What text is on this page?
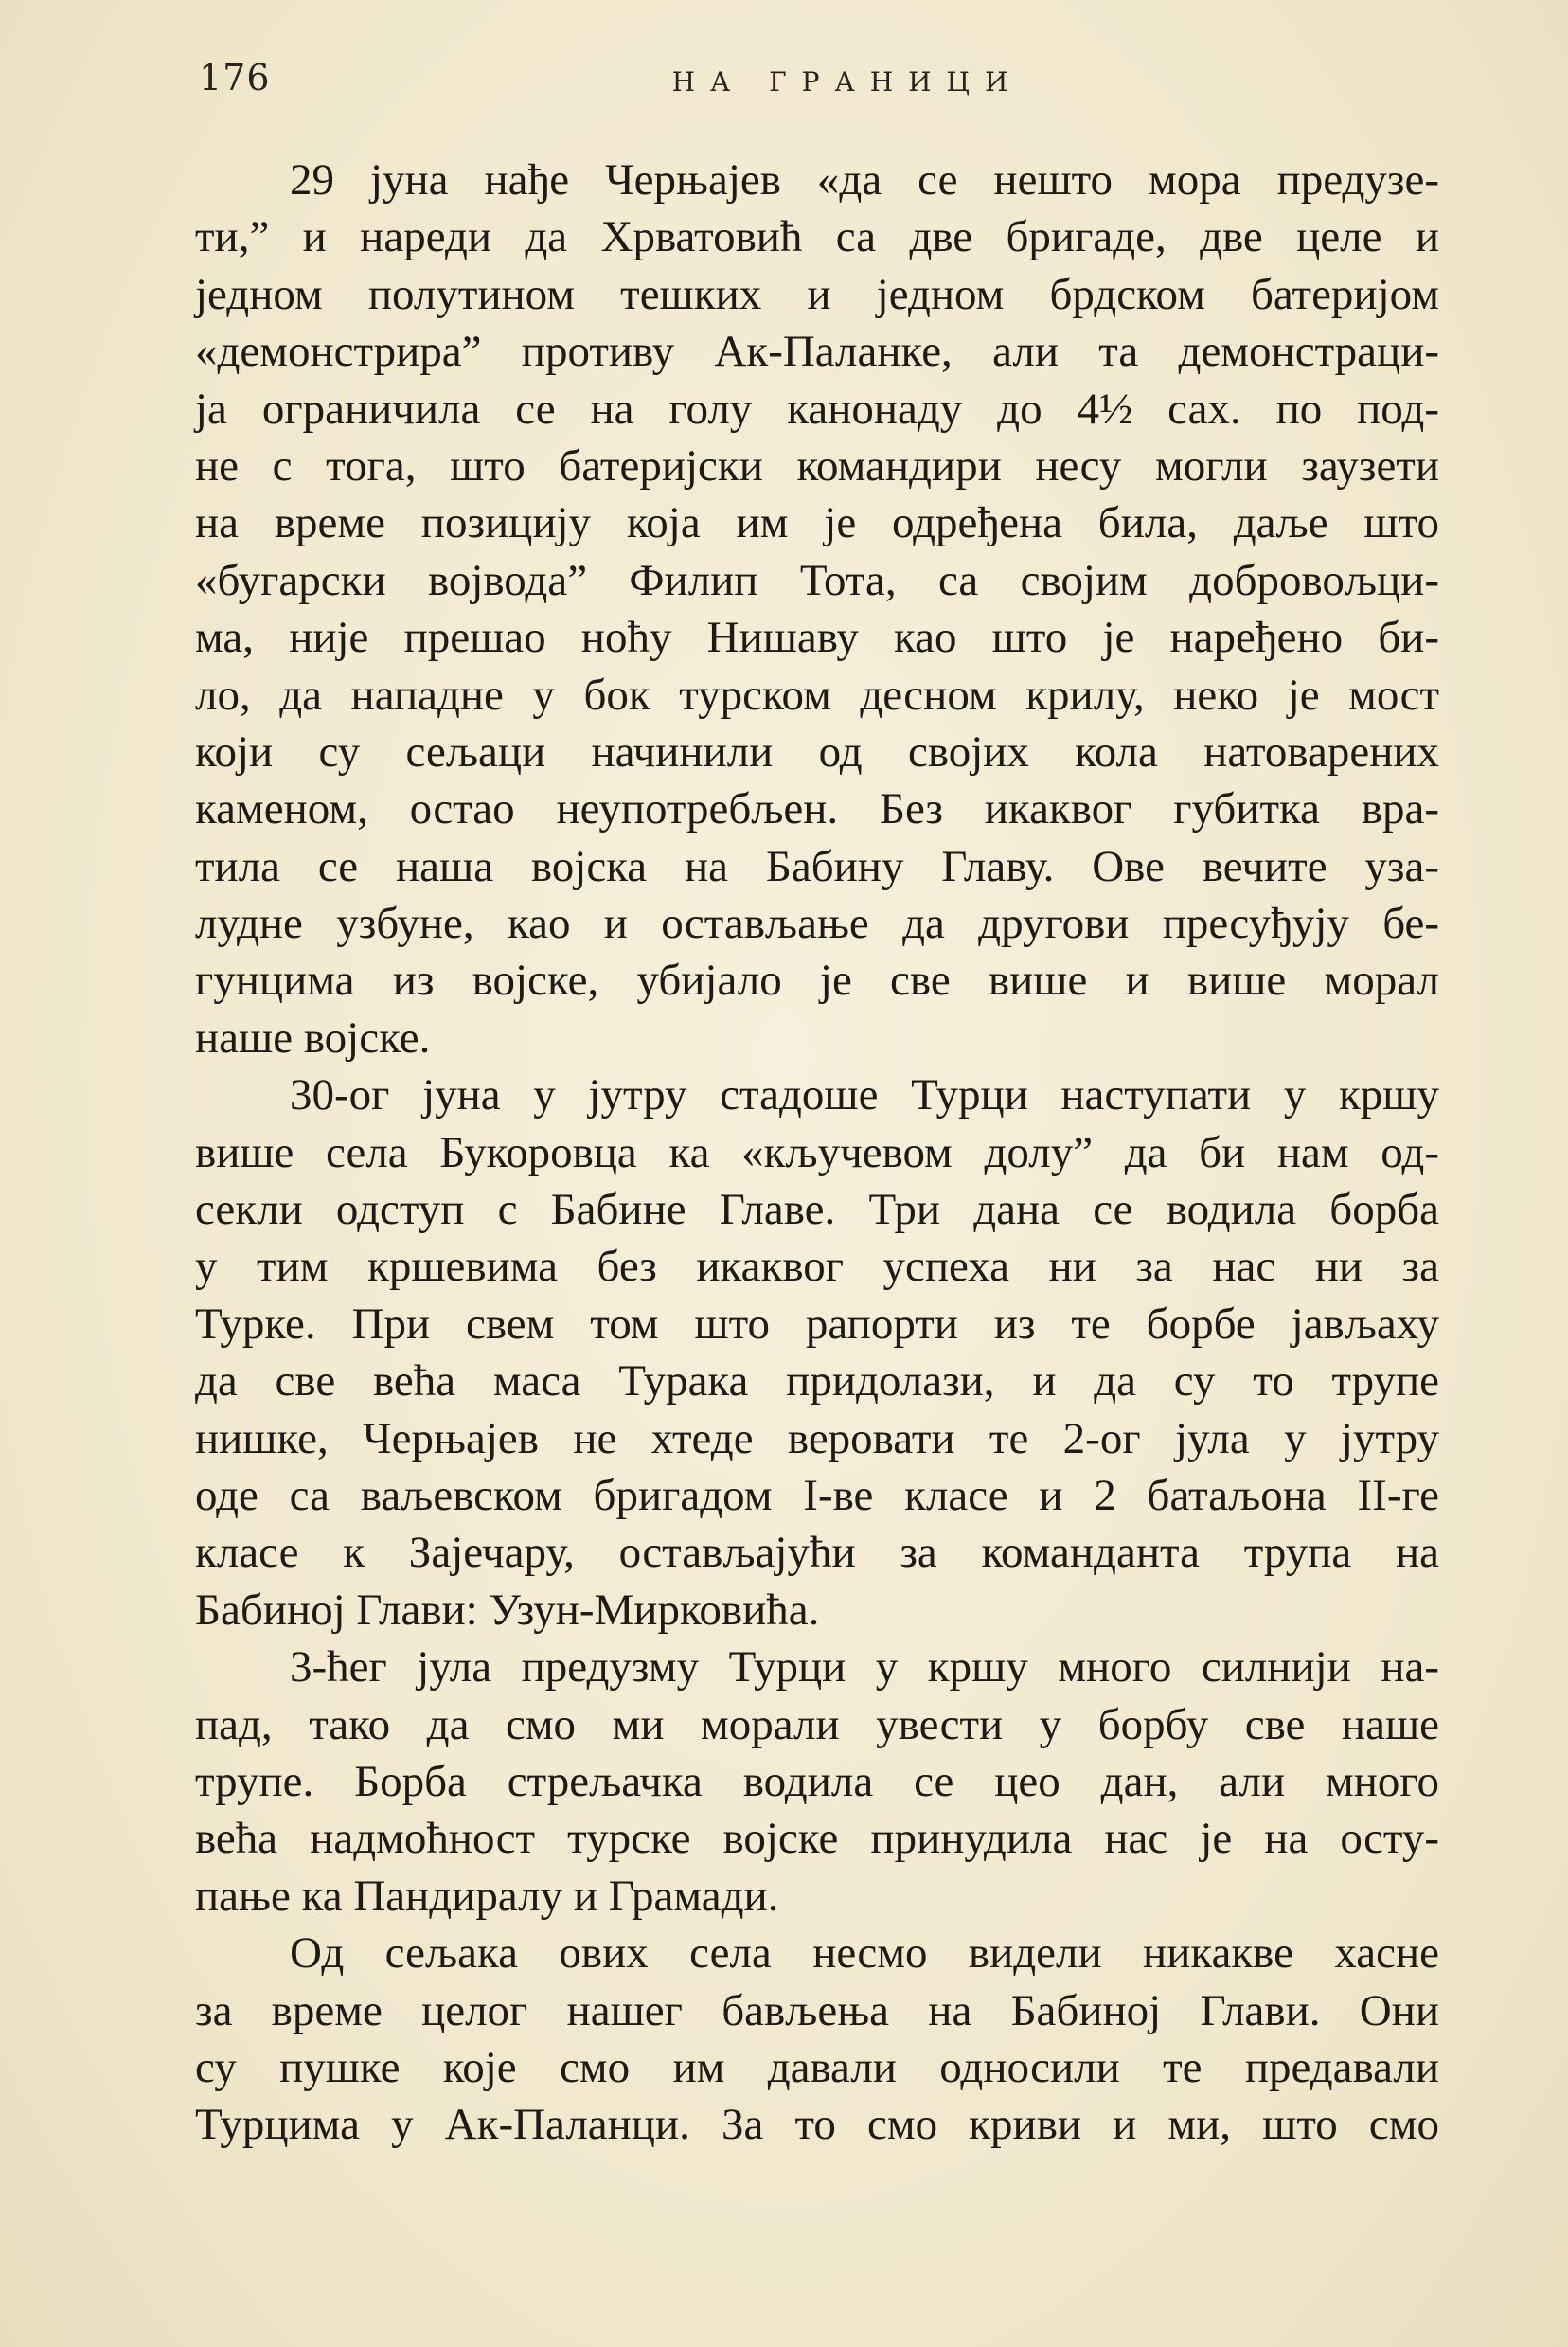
176	НА ГРАНИЦИ
29 јуна нађе Черњајев «да се нешто мора предузе-
ти,” и нареди да Хрватовић са две бригаде, две целе и
једном полутином тешких и једном брдском батеријом
«демонстрира” противу Ак-Паланке, али та демонстраци-
ја ограничила се на голу канонаду до 4½ сах. по под-
не с тога, што батеријски командири несу могли заузети
на време позицију која им је одређена била, даље што
«бугарски војвода” Филип Тота, са својим добровољци-
ма, није прешао ноћу Нишаву као што је наређено би-
ло, да нападне у бок турском десном крилу, неко је мост
који су сељаци начинили од својих кола натоварених
каменом, остао неупотребљен. Без икаквог губитка вра-
тила се наша војска на Бабину Главу. Ове вечите уза-
лудне узбуне, као и остављање да другови пресуђују бе-
гунцима из војске, убијало је све више и више морал
наше војске.
30-ог јуна у јутру стадоше Турци наступати у кршу
више села Букоровца ка «кључевом долу” да би нам од-
секли одступ с Бабине Главе. Три дана се водила борба
у тим кршевима без икаквог успеха ни за нас ни за
Турке. При свем том што рапорти из те борбе јављаху
да све већа маса Турака придолази, и да су то трупе
нишке, Черњајев не хтеде веровати те 2-ог јула у јутру
оде са ваљевском бригадом I-ве класе и 2 батаљона II-ге
класе к Зајечару, остављајући за команданта трупа на
Бабиној Глави: Узун-Мирковића.
3-ћег јула предузму Турци у кршу много силнији на-
пад, тако да смо ми морали увести у борбу све наше
трупе. Борба стрељачка водила се цео дан, али много
већа надмоћност турске војске принудила нас је на осту-
пање ка Пандиралу и Грамади.
Од сељака ових села несмо видели никакве хасне
за време целог нашег бављења на Бабиној Глави. Они
су пушке које смо им давали односили те предавали
Турцима у Ак-Паланци. За то смо криви и ми, што смо
